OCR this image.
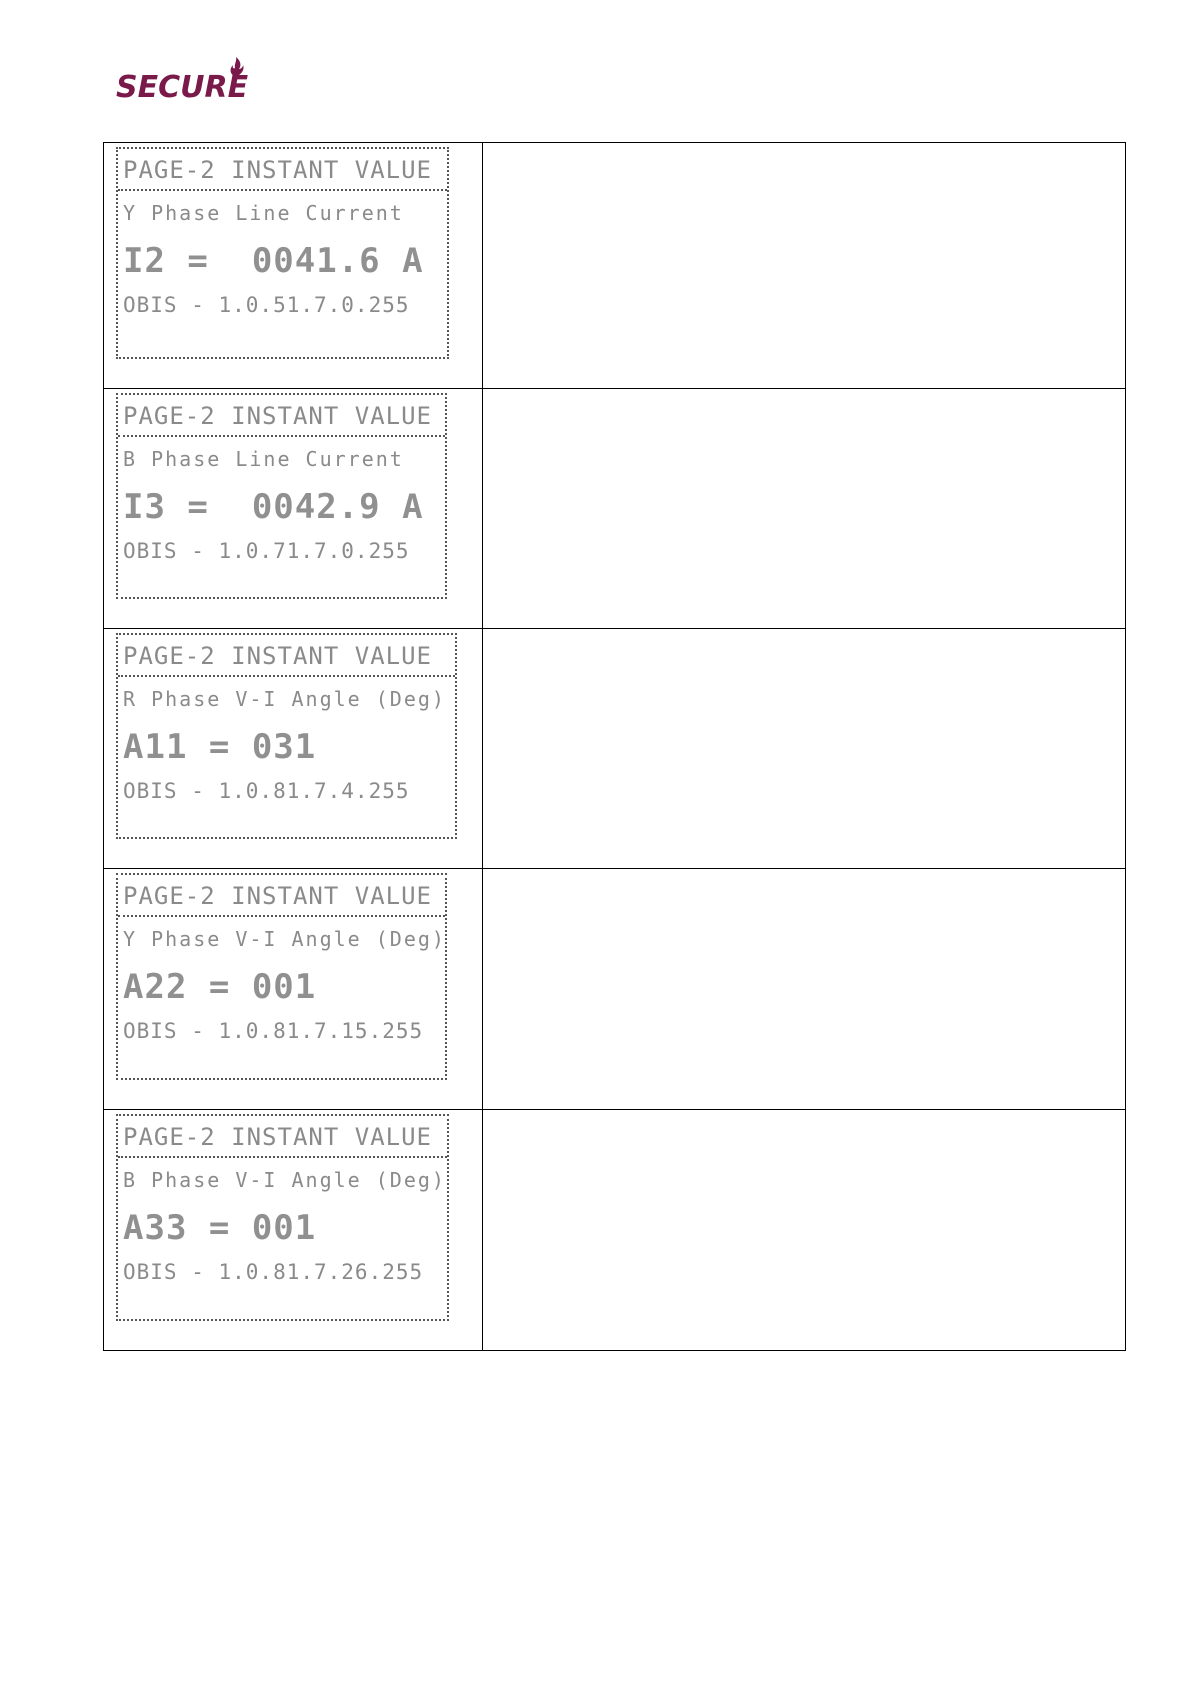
SECURE
PAGE-2 INSTANT VALUE
Y Phase Line Current
I2 =  0041.6 A
OBIS - 1.0.51.7.0.255	

PAGE-2 INSTANT VALUE
B Phase Line Current
I3 =  0042.9 A
OBIS - 1.0.71.7.0.255	

PAGE-2 INSTANT VALUE
R Phase V-I Angle (Deg)
A11 = 031
OBIS - 1.0.81.7.4.255	

PAGE-2 INSTANT VALUE
Y Phase V-I Angle (Deg)
A22 = 001
OBIS - 1.0.81.7.15.255	

PAGE-2 INSTANT VALUE
B Phase V-I Angle (Deg)
A33 = 001
OBIS - 1.0.81.7.26.255	
